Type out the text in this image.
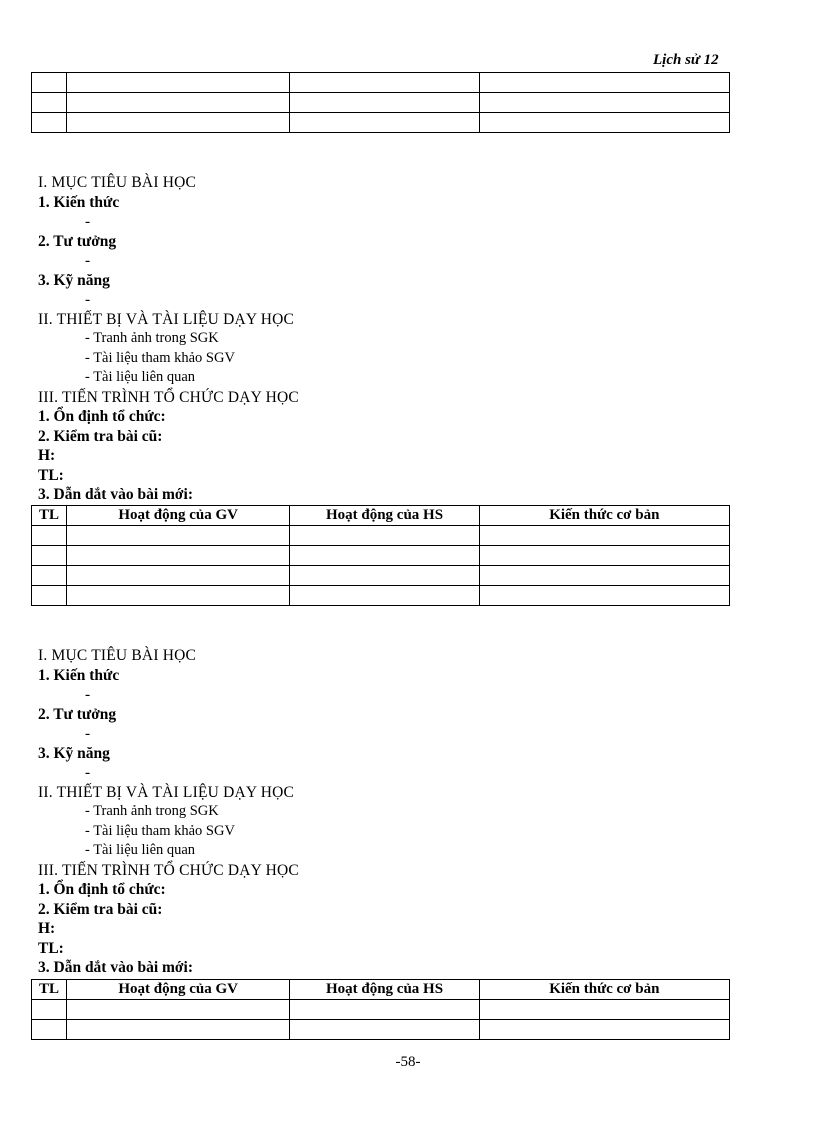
Lịch sử 12

I. MỤC TIÊU BÀI HỌC
1. Kiến thức
-
2. Tư tưởng
-
3. Kỹ năng
-
II. THIẾT BỊ VÀ TÀI LIỆU DẠY HỌC
- Tranh ảnh trong SGK
- Tài liệu tham khảo SGV
- Tài liệu liên quan
III. TIẾN TRÌNH TỔ CHỨC DẠY HỌC
1. Ổn định tổ chức:
2. Kiểm tra bài cũ:
H:
TL:
3. Dẫn dắt vào bài mới:
TL	Hoạt động của GV	Hoạt động của HS	Kiến thức cơ bản

I. MỤC TIÊU BÀI HỌC
1. Kiến thức
-
2. Tư tưởng
-
3. Kỹ năng
-
II. THIẾT BỊ VÀ TÀI LIỆU DẠY HỌC
- Tranh ảnh trong SGK
- Tài liệu tham khảo SGV
- Tài liệu liên quan
III. TIẾN TRÌNH TỔ CHỨC DẠY HỌC
1. Ổn định tổ chức:
2. Kiểm tra bài cũ:
H:
TL:
3. Dẫn dắt vào bài mới:
TL	Hoạt động của GV	Hoạt động của HS	Kiến thức cơ bản

-58-
